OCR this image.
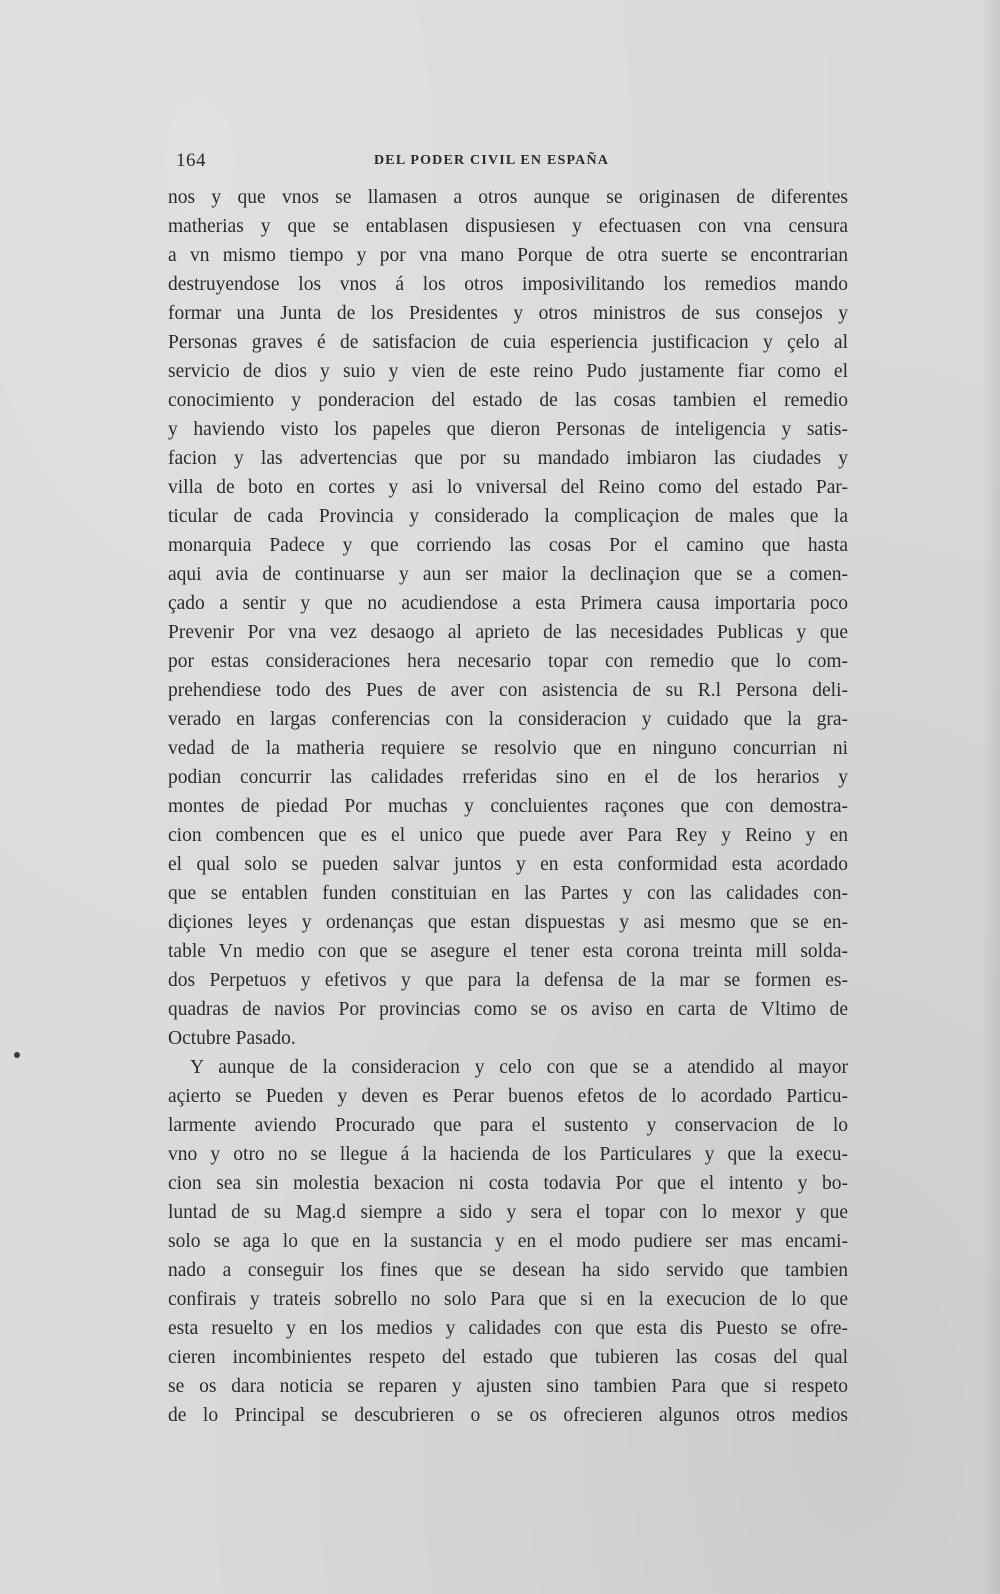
164	DEL PODER CIVIL EN ESPAÑA
nos y que vnos se llamasen a otros aunque se originasen de diferentes
matherias y que se entablasen dispusiesen y efectuasen con vna censura
a vn mismo tiempo y por vna mano Porque de otra suerte se encontrarian
destruyendose los vnos á los otros imposivilitando los remedios mando
formar una Junta de los Presidentes y otros ministros de sus consejos y
Personas graves é de satisfacion de cuia esperiencia justificacion y çelo al
servicio de dios y suio y vien de este reino Pudo justamente fiar como el
conocimiento y ponderacion del estado de las cosas tambien el remedio
y haviendo visto los papeles que dieron Personas de inteligencia y satis-
facion y las advertencias que por su mandado imbiaron las ciudades y
villa de boto en cortes y asi lo vniversal del Reino como del estado Par-
ticular de cada Provincia y considerado la complicaçion de males que la
monarquia Padece y que corriendo las cosas Por el camino que hasta
aqui avia de continuarse y aun ser maior la declinaçion que se a comen-
çado a sentir y que no acudiendose a esta Primera causa importaria poco
Prevenir Por vna vez desaogo al aprieto de las necesidades Publicas y que
por estas consideraciones hera necesario topar con remedio que lo com-
prehendiese todo des Pues de aver con asistencia de su R.l Persona deli-
verado en largas conferencias con la consideracion y cuidado que la gra-
vedad de la matheria requiere se resolvio que en ninguno concurrian ni
podian concurrir las calidades rreferidas sino en el de los herarios y
montes de piedad Por muchas y concluientes raçones que con demostra-
cion combencen que es el unico que puede aver Para Rey y Reino y en
el qual solo se pueden salvar juntos y en esta conformidad esta acordado
que se entablen funden constituian en las Partes y con las calidades con-
diçiones leyes y ordenanças que estan dispuestas y asi mesmo que se en-
table Vn medio con que se asegure el tener esta corona treinta mill solda-
dos Perpetuos y efetivos y que para la defensa de la mar se formen es-
quadras de navios Por provincias como se os aviso en carta de Vltimo de
Octubre Pasado.
Y aunque de la consideracion y celo con que se a atendido al mayor
açierto se Pueden y deven es Perar buenos efetos de lo acordado Particu-
larmente aviendo Procurado que para el sustento y conservacion de lo
vno y otro no se llegue á la hacienda de los Particulares y que la execu-
cion sea sin molestia bexacion ni costa todavia Por que el intento y bo-
luntad de su Mag.d siempre a sido y sera el topar con lo mexor y que
solo se aga lo que en la sustancia y en el modo pudiere ser mas encami-
nado a conseguir los fines que se desean ha sido servido que tambien
confirais y trateis sobrello no solo Para que si en la execucion de lo que
esta resuelto y en los medios y calidades con que esta dis Puesto se ofre-
cieren incombinientes respeto del estado que tubieren las cosas del qual
se os dara noticia se reparen y ajusten sino tambien Para que si respeto
de lo Principal se descubrieren o se os ofrecieren algunos otros medios
